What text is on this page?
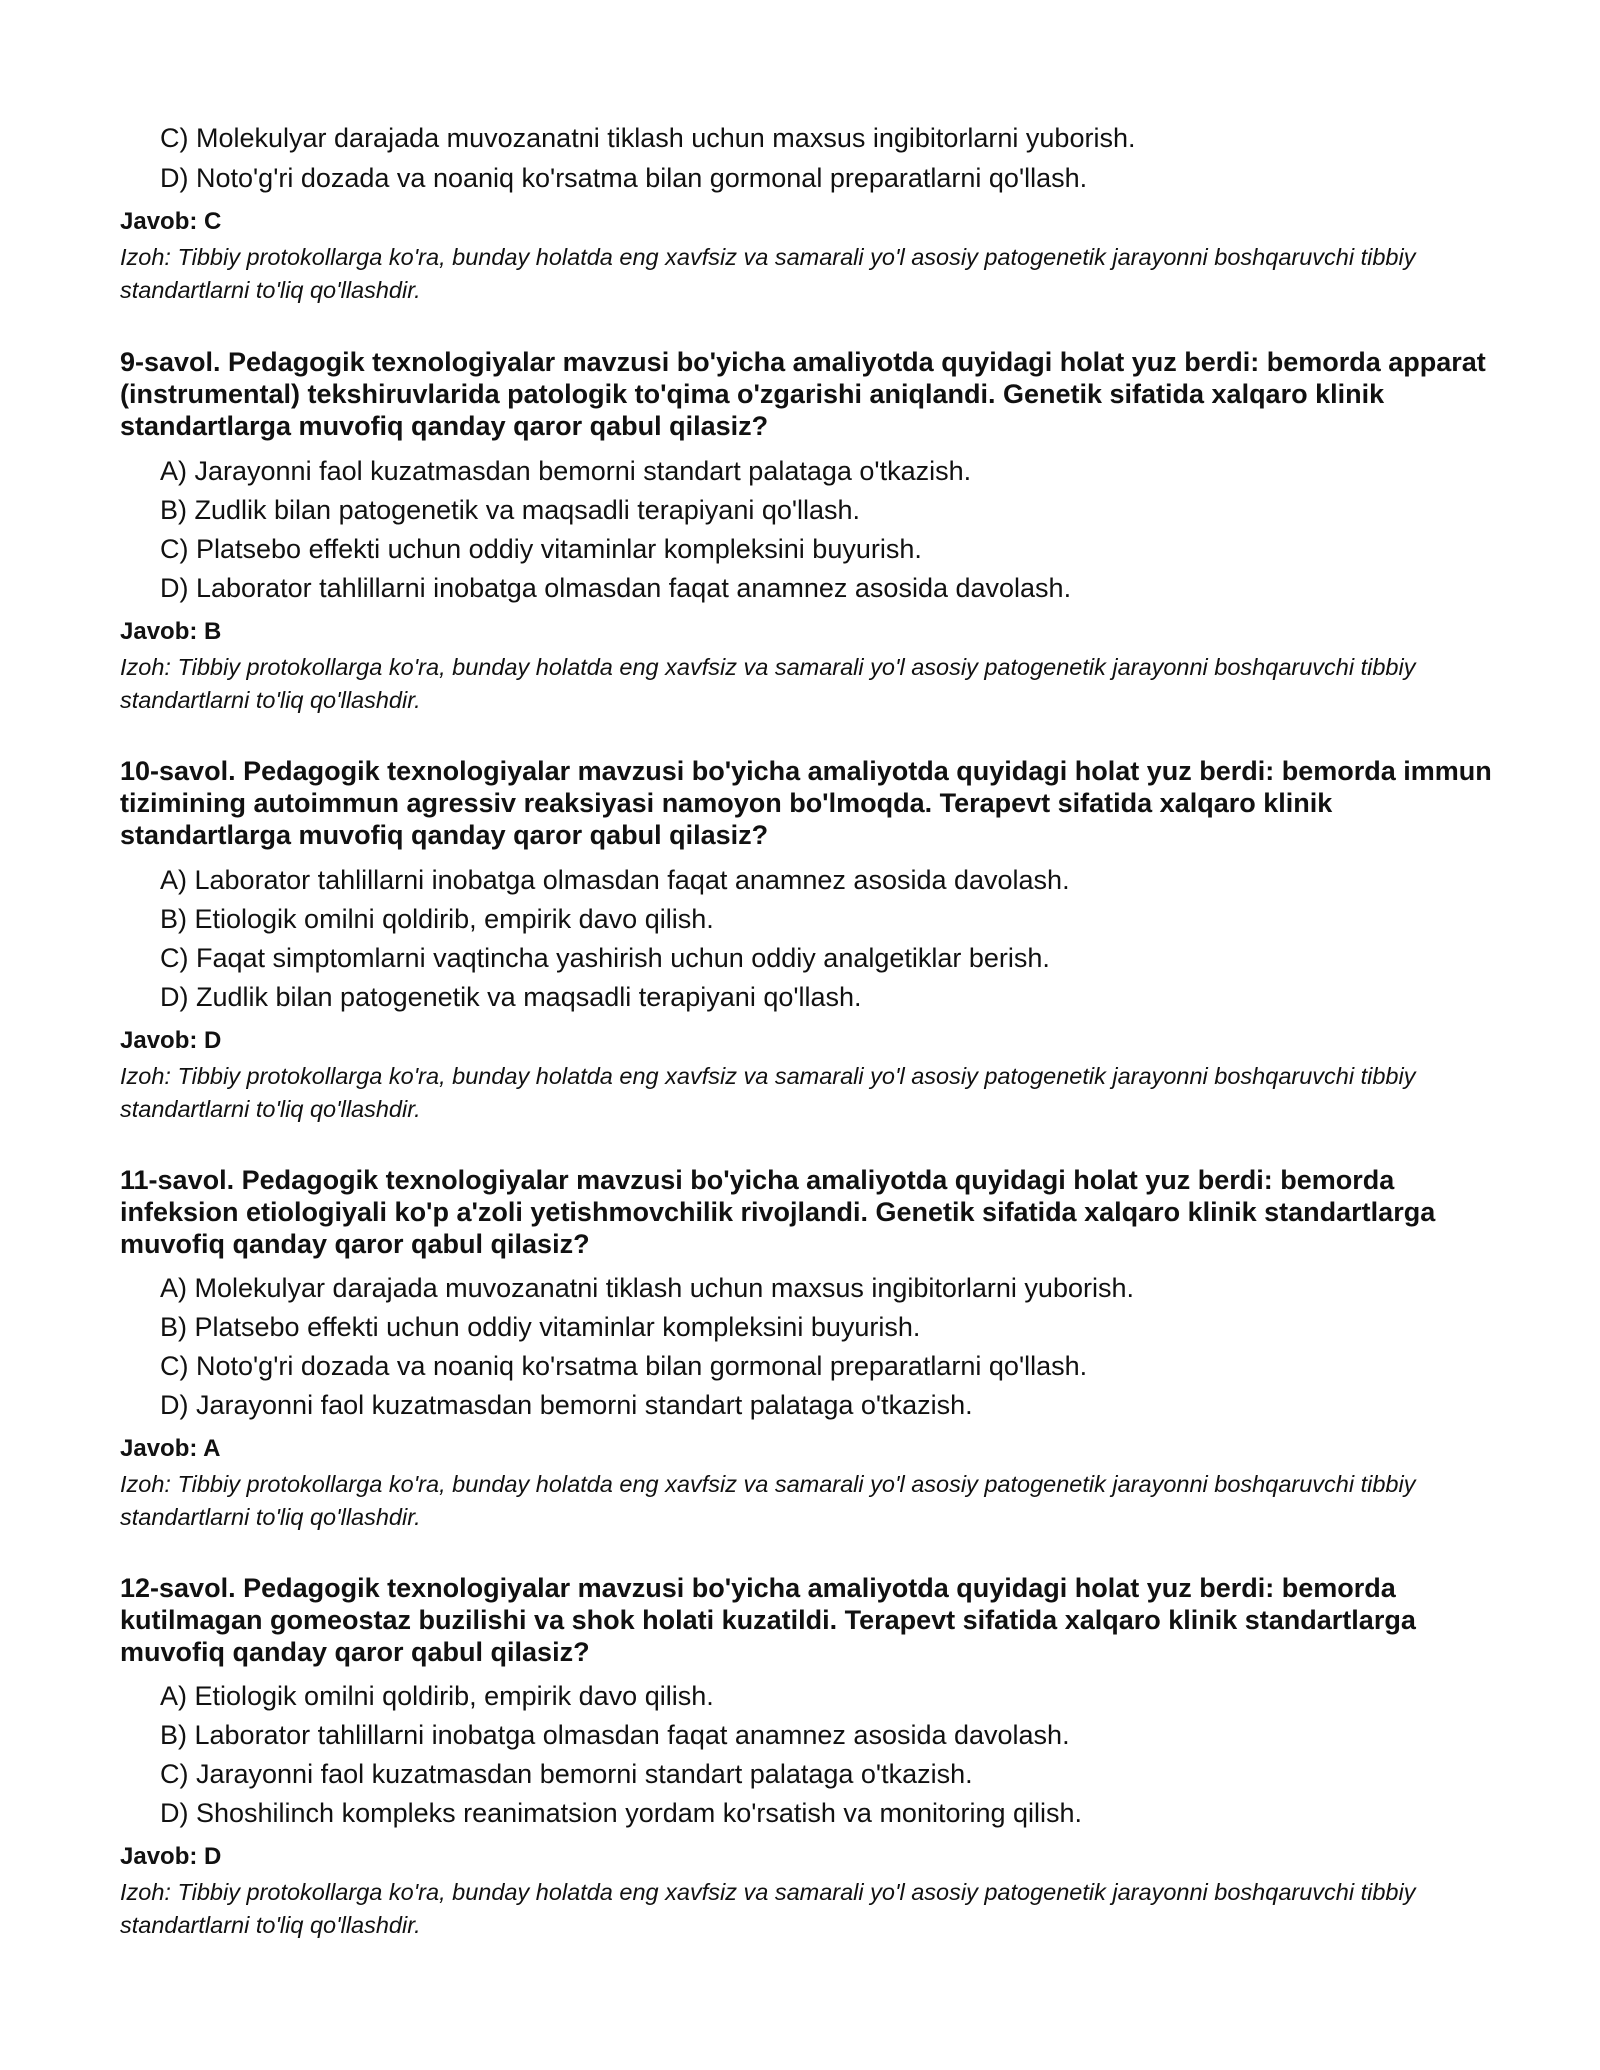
C) Molekulyar darajada muvozanatni tiklash uchun maxsus ingibitorlarni yuborish.
D) Noto'g'ri dozada va noaniq ko'rsatma bilan gormonal preparatlarni qo'llash.
Javob: C
Izoh: Tibbiy protokollarga ko'ra, bunday holatda eng xavfsiz va samarali yo'l asosiy patogenetik jarayonni boshqaruvchi tibbiy standartlarni to'liq qo'llashdir.
9-savol. Pedagogik texnologiyalar mavzusi bo'yicha amaliyotda quyidagi holat yuz berdi: bemorda apparat (instrumental) tekshiruvlarida patologik to'qima o'zgarishi aniqlandi. Genetik sifatida xalqaro klinik standartlarga muvofiq qanday qaror qabul qilasiz?
A) Jarayonni faol kuzatmasdan bemorni standart palataga o'tkazish.
B) Zudlik bilan patogenetik va maqsadli terapiyani qo'llash.
C) Platsebo effekti uchun oddiy vitaminlar kompleksini buyurish.
D) Laborator tahlillarni inobatga olmasdan faqat anamnez asosida davolash.
Javob: B
Izoh: Tibbiy protokollarga ko'ra, bunday holatda eng xavfsiz va samarali yo'l asosiy patogenetik jarayonni boshqaruvchi tibbiy standartlarni to'liq qo'llashdir.
10-savol. Pedagogik texnologiyalar mavzusi bo'yicha amaliyotda quyidagi holat yuz berdi: bemorda immun tizimining autoimmun agressiv reaksiyasi namoyon bo'lmoqda. Terapevt sifatida xalqaro klinik standartlarga muvofiq qanday qaror qabul qilasiz?
A) Laborator tahlillarni inobatga olmasdan faqat anamnez asosida davolash.
B) Etiologik omilni qoldirib, empirik davo qilish.
C) Faqat simptomlarni vaqtincha yashirish uchun oddiy analgetiklar berish.
D) Zudlik bilan patogenetik va maqsadli terapiyani qo'llash.
Javob: D
Izoh: Tibbiy protokollarga ko'ra, bunday holatda eng xavfsiz va samarali yo'l asosiy patogenetik jarayonni boshqaruvchi tibbiy standartlarni to'liq qo'llashdir.
11-savol. Pedagogik texnologiyalar mavzusi bo'yicha amaliyotda quyidagi holat yuz berdi: bemorda infeksion etiologiyali ko'p a'zoli yetishmovchilik rivojlandi. Genetik sifatida xalqaro klinik standartlarga muvofiq qanday qaror qabul qilasiz?
A) Molekulyar darajada muvozanatni tiklash uchun maxsus ingibitorlarni yuborish.
B) Platsebo effekti uchun oddiy vitaminlar kompleksini buyurish.
C) Noto'g'ri dozada va noaniq ko'rsatma bilan gormonal preparatlarni qo'llash.
D) Jarayonni faol kuzatmasdan bemorni standart palataga o'tkazish.
Javob: A
Izoh: Tibbiy protokollarga ko'ra, bunday holatda eng xavfsiz va samarali yo'l asosiy patogenetik jarayonni boshqaruvchi tibbiy standartlarni to'liq qo'llashdir.
12-savol. Pedagogik texnologiyalar mavzusi bo'yicha amaliyotda quyidagi holat yuz berdi: bemorda kutilmagan gomeostaz buzilishi va shok holati kuzatildi. Terapevt sifatida xalqaro klinik standartlarga muvofiq qanday qaror qabul qilasiz?
A) Etiologik omilni qoldirib, empirik davo qilish.
B) Laborator tahlillarni inobatga olmasdan faqat anamnez asosida davolash.
C) Jarayonni faol kuzatmasdan bemorni standart palataga o'tkazish.
D) Shoshilinch kompleks reanimatsion yordam ko'rsatish va monitoring qilish.
Javob: D
Izoh: Tibbiy protokollarga ko'ra, bunday holatda eng xavfsiz va samarali yo'l asosiy patogenetik jarayonni boshqaruvchi tibbiy standartlarni to'liq qo'llashdir.
